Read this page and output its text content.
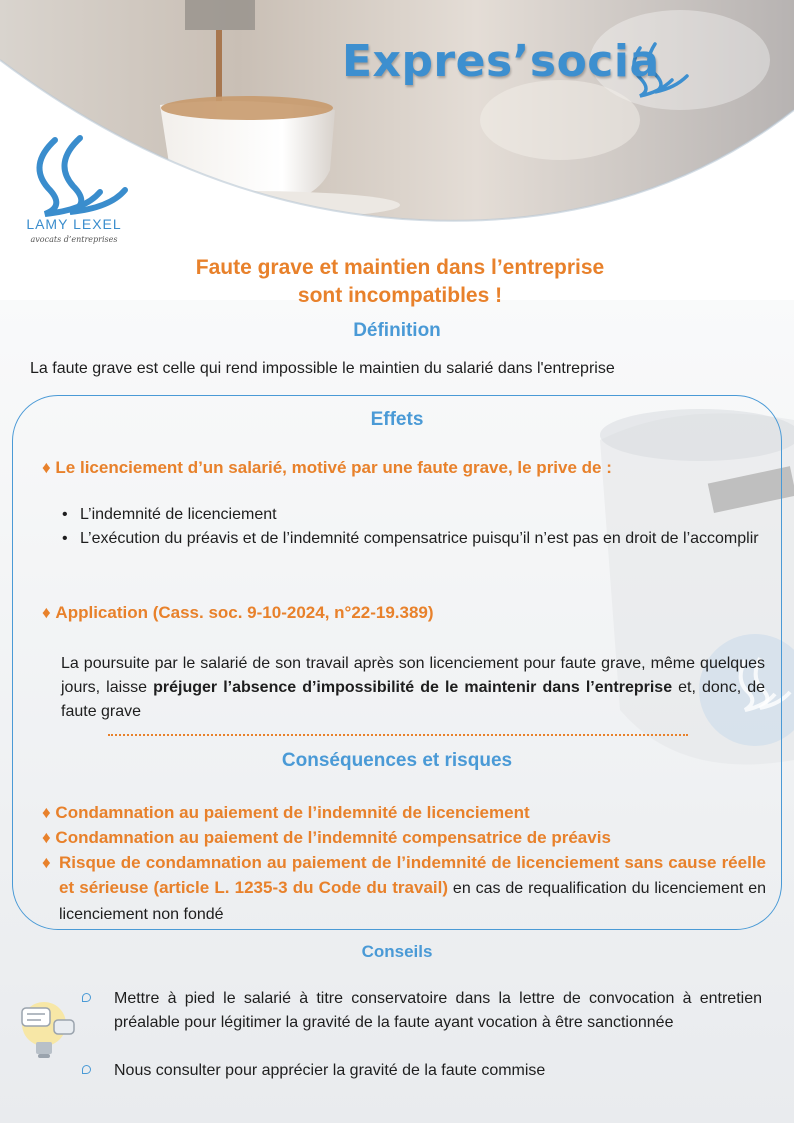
Expres’socia
LAMY LEXEL
avocats d’entreprises
Faute grave et maintien dans l’entreprise
sont incompatibles !
Définition
La faute grave est celle qui rend impossible le maintien du salarié dans l'entreprise
Effets
♦ Le licenciement d’un salarié, motivé par une faute grave, le prive de :
• L’indemnité de licenciement
• L’exécution du préavis et de l’indemnité compensatrice puisqu’il n’est pas en droit de l’accomplir
♦ Application (Cass. soc. 9-10-2024, n°22-19.389)
La poursuite par le salarié de son travail après son licenciement pour faute grave, même quelques jours, laisse préjuger l’absence d’impossibilité de le maintenir dans l’entreprise et, donc, de faute grave
Conséquences et risques
♦ Condamnation au paiement de l’indemnité de licenciement
♦ Condamnation au paiement de l’indemnité compensatrice de préavis
♦ Risque de condamnation au paiement de l’indemnité de licenciement sans cause réelle et sérieuse (article L. 1235-3 du Code du travail) en cas de requalification du licenciement en licenciement non fondé
Conseils
Mettre à pied le salarié à titre conservatoire dans la lettre de convocation à entretien préalable pour légitimer la gravité de la faute ayant vocation à être sanctionnée
Nous consulter pour apprécier la gravité de la faute commise
